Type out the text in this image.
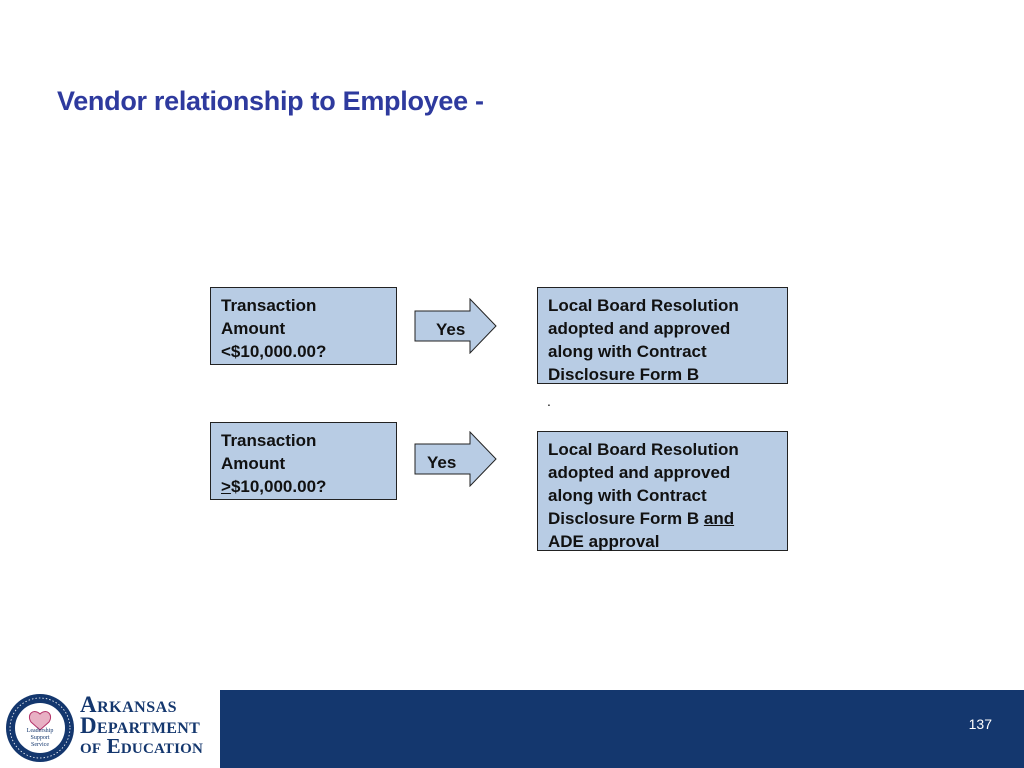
Vendor relationship to Employee -
Transaction
Amount
<$10,000.00?
Yes
Local Board Resolution
adopted and approved
along with Contract
Disclosure Form B
.
Transaction
Amount
≥$10,000.00?
Yes
Local Board Resolution
adopted and approved
along with Contract
Disclosure Form B and
ADE approval
Leadership
Support
Service
Arkansas
Department
of Education
137
